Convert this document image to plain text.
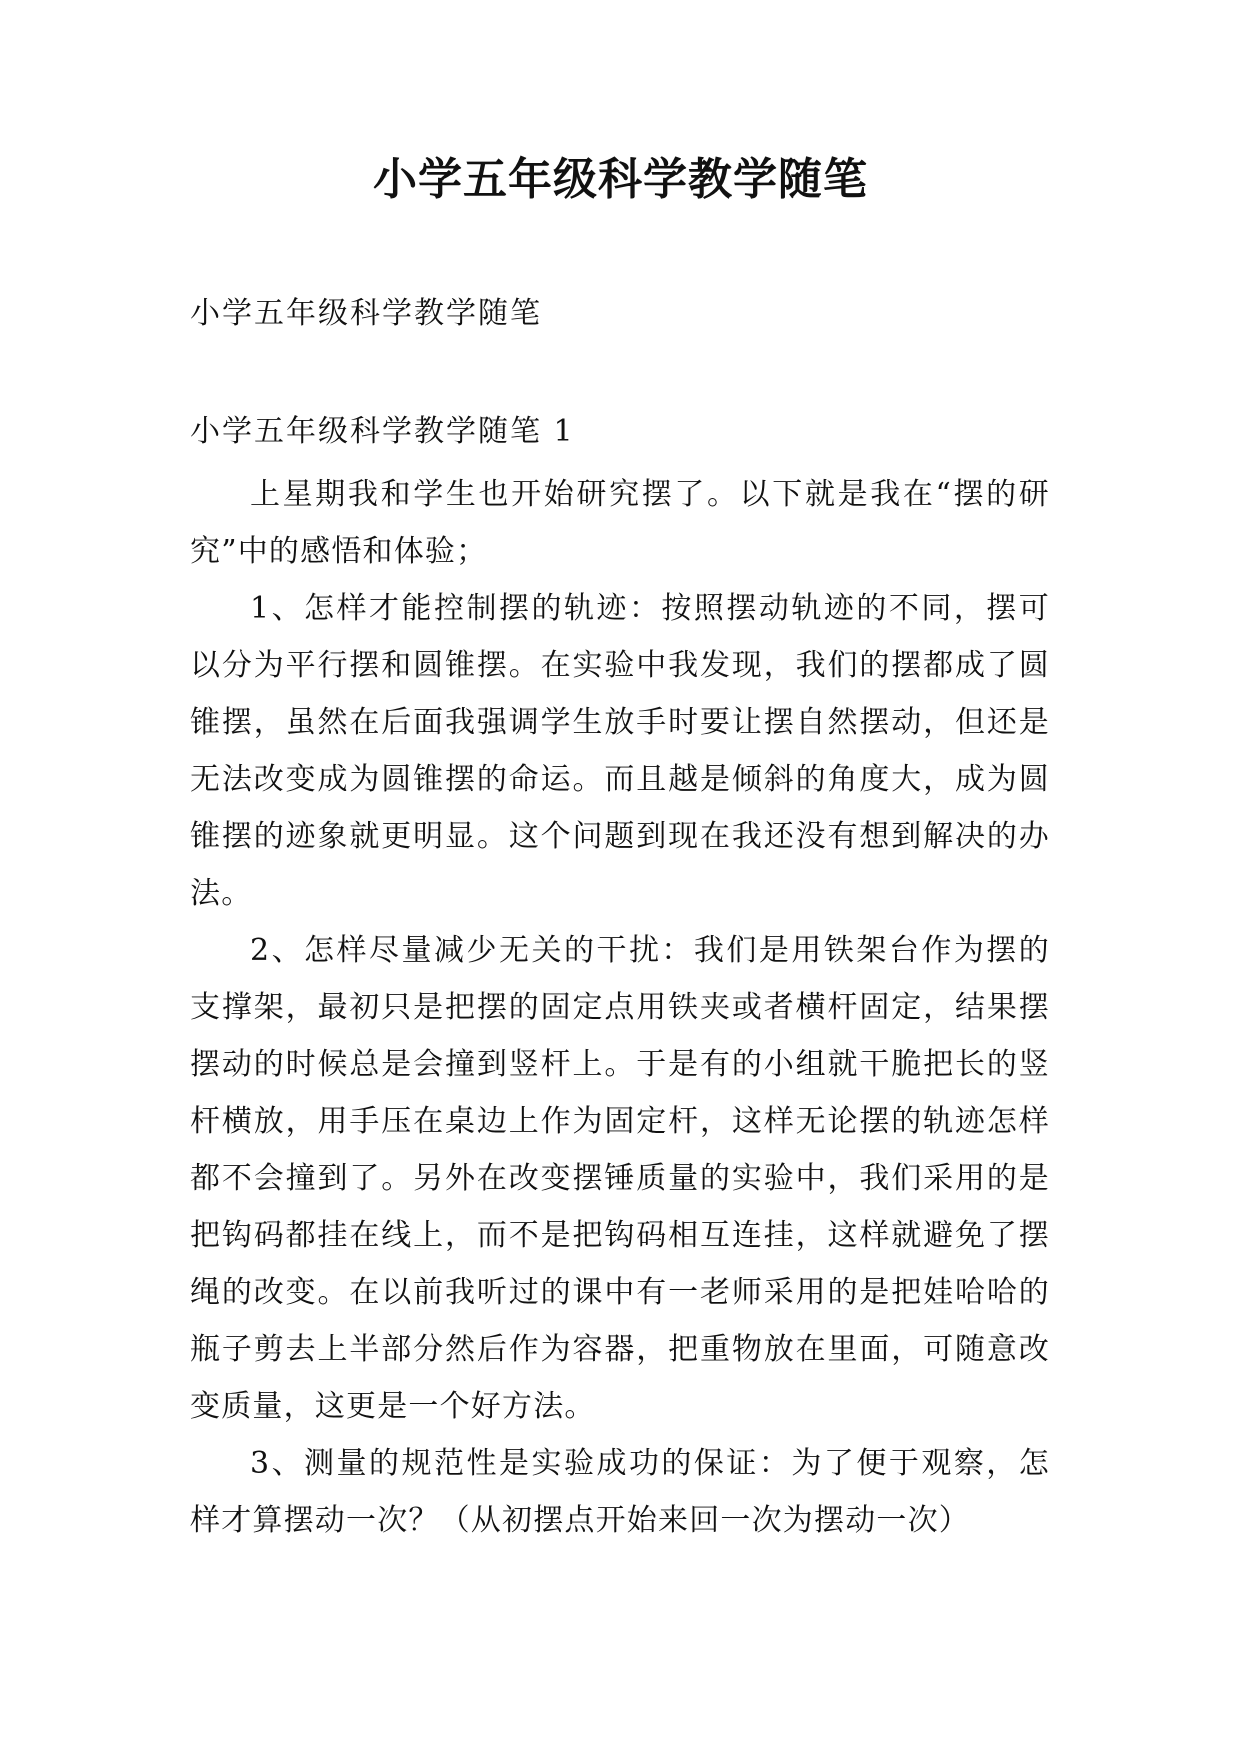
小学五年级科学教学随笔
小学五年级科学教学随笔
小学五年级科学教学随笔 1

上星期我和学生也开始研究摆了。以下就是我在“摆的研究”中的感悟和体验；

1、怎样才能控制摆的轨迹：按照摆动轨迹的不同，摆可以分为平行摆和圆锥摆。在实验中我发现，我们的摆都成了圆锥摆，虽然在后面我强调学生放手时要让摆自然摆动，但还是无法改变成为圆锥摆的命运。而且越是倾斜的角度大，成为圆锥摆的迹象就更明显。这个问题到现在我还没有想到解决的办法。

2、怎样尽量减少无关的干扰：我们是用铁架台作为摆的支撑架，最初只是把摆的固定点用铁夹或者横杆固定，结果摆摆动的时候总是会撞到竖杆上。于是有的小组就干脆把长的竖杆横放，用手压在桌边上作为固定杆，这样无论摆的轨迹怎样都不会撞到了。另外在改变摆锤质量的实验中，我们采用的是把钩码都挂在线上，而不是把钩码相互连挂，这样就避免了摆绳的改变。在以前我听过的课中有一老师采用的是把娃哈哈的瓶子剪去上半部分然后作为容器，把重物放在里面，可随意改变质量，这更是一个好方法。

3、测量的规范性是实验成功的保证：为了便于观察，怎样才算摆动一次？（从初摆点开始来回一次为摆动一次）
